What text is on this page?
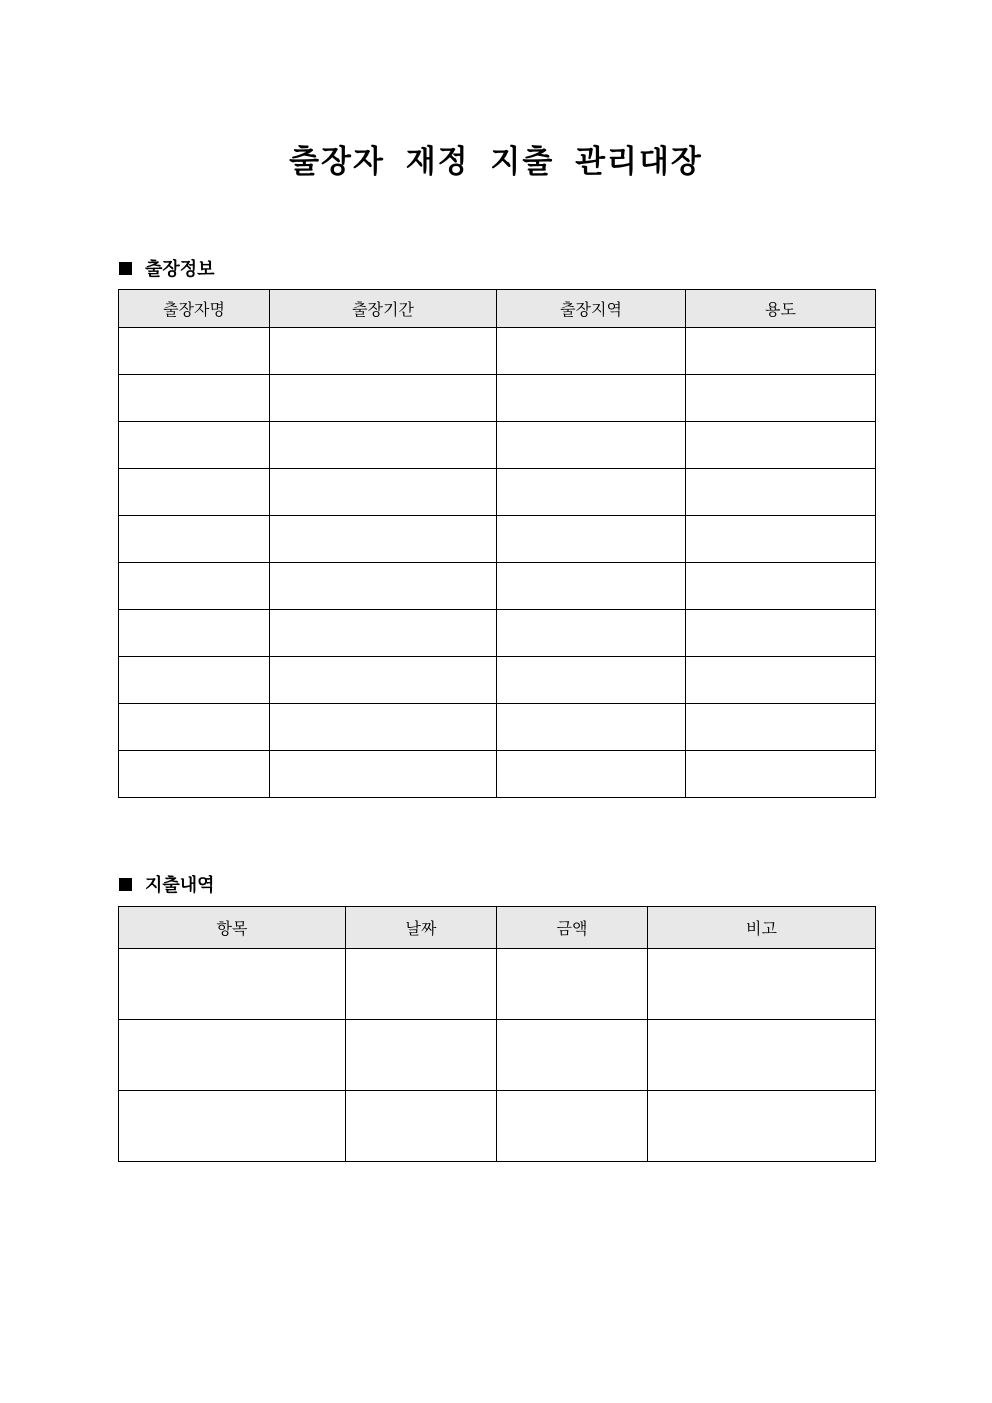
출장자 재정 지출 관리대장
출장정보
출장자명	출장기간	출장지역	용도

지출내역
항목	날짜	금액	비고
